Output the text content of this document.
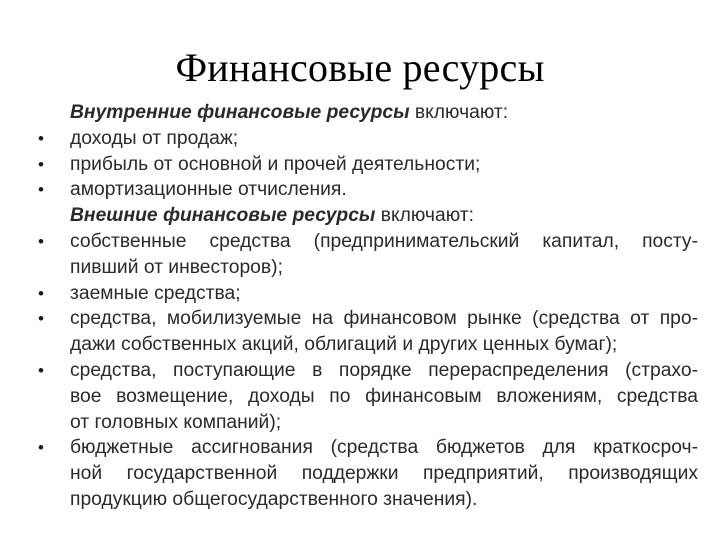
Финансовые ресурсы
Внутренние финансовые ресурсы включают:
•	доходы от продаж;
•	прибыль от основной и прочей деятельности;
•	амортизационные отчисления.
Внешние финансовые ресурсы включают:
•	собственные средства (предпринимательский капитал, посту-
пивший от инвесторов);
•	заемные средства;
•	средства, мобилизуемые на финансовом рынке (средства от про-
дажи собственных акций, облигаций и других ценных бумаг);
•	средства, поступающие в порядке перераспределения (страхо-
вое возмещение, доходы по финансовым вложениям, средства
от головных компаний);
•	бюджетные ассигнования (средства бюджетов для краткосроч-
ной государственной поддержки предприятий, производящих
продукцию общегосударственного значения).
